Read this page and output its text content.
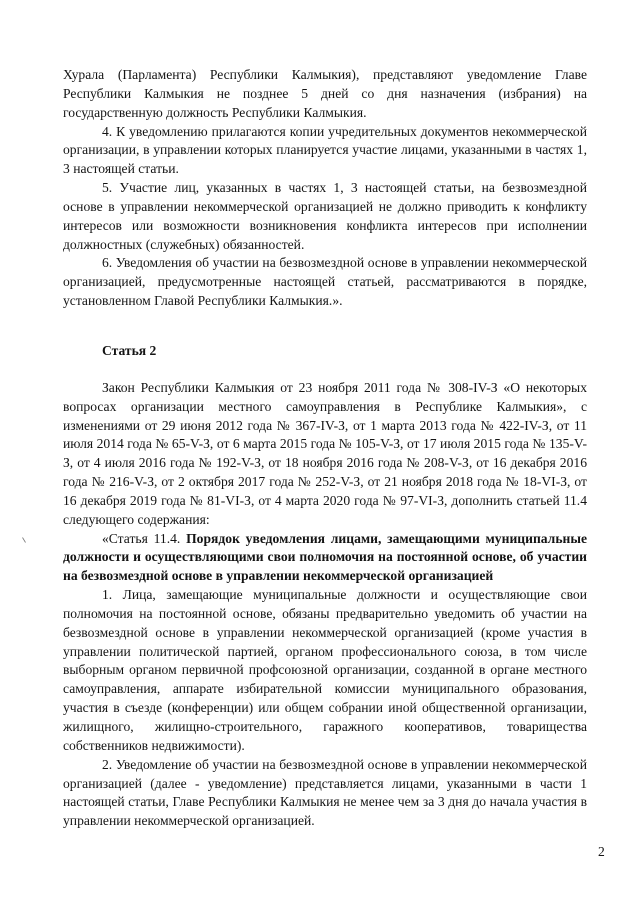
Хурала (Парламента) Республики Калмыкия), представляют уведомление Главе Республики Калмыкия не позднее 5 дней со дня назначения (избрания) на государственную должность Республики Калмыкия.

4. К уведомлению прилагаются копии учредительных документов некоммерческой организации, в управлении которых планируется участие лицами, указанными в частях 1, 3 настоящей статьи.

5. Участие лиц, указанных в частях 1, 3 настоящей статьи, на безвозмездной основе в управлении некоммерческой организацией не должно приводить к конфликту интересов или возможности возникновения конфликта интересов при исполнении должностных (служебных) обязанностей.

6. Уведомления об участии на безвозмездной основе в управлении некоммерческой организацией, предусмотренные настоящей статьей, рассматриваются в порядке, установленном Главой Республики Калмыкия.».

Статья 2

Закон Республики Калмыкия от 23 ноября 2011 года № 308-IV-З «О некоторых вопросах организации местного самоуправления в Республике Калмыкия», с изменениями от 29 июня 2012 года № 367-IV-З, от 1 марта 2013 года № 422-IV-З, от 11 июля 2014 года № 65-V-З, от 6 марта 2015 года № 105-V-З, от 17 июля 2015 года № 135-V-З, от 4 июля 2016 года № 192-V-З, от 18 ноября 2016 года № 208-V-З, от 16 декабря 2016 года № 216-V-З, от 2 октября 2017 года № 252-V-З, от 21 ноября 2018 года № 18-VI-З, от 16 декабря 2019 года № 81-VI-З, от 4 марта 2020 года № 97-VI-З, дополнить статьей 11.4 следующего содержания:

«Статья 11.4. Порядок уведомления лицами, замещающими муниципальные должности и осуществляющими свои полномочия на постоянной основе, об участии на безвозмездной основе в управлении некоммерческой организацией

1. Лица, замещающие муниципальные должности и осуществляющие свои полномочия на постоянной основе, обязаны предварительно уведомить об участии на безвозмездной основе в управлении некоммерческой организацией (кроме участия в управлении политической партией, органом профессионального союза, в том числе выборным органом первичной профсоюзной организации, созданной в органе местного самоуправления, аппарате избирательной комиссии муниципального образования, участия в съезде (конференции) или общем собрании иной общественной организации, жилищного, жилищно-строительного, гаражного кооперативов, товарищества собственников недвижимости).

2. Уведомление об участии на безвозмездной основе в управлении некоммерческой организацией (далее - уведомление) представляется лицами, указанными в части 1 настоящей статьи, Главе Республики Калмыкия не менее чем за 3 дня до начала участия в управлении некоммерческой организацией.

2
